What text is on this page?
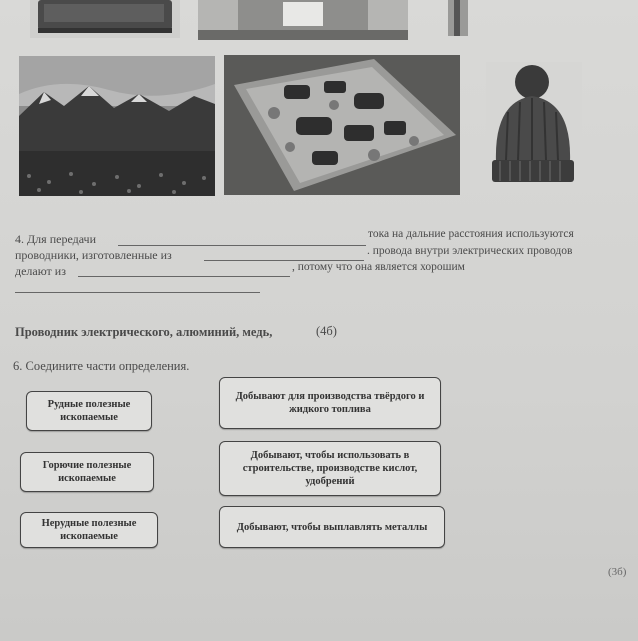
4. Для передачи	тока на дальние расстояния используются
проводники, изготовленные из	. провода внутри электрических проводов
делают из	, потому что она является хорошим
Проводник электрического, алюминий, медь,	(4б)
6. Соедините части определения.
Рудные полезные ископаемые
Горючие полезные ископаемые
Нерудные полезные ископаемые
Добывают для производства твёрдого и жидкого топлива
Добывают, чтобы использовать в строительстве, производстве кислот, удобрений
Добывают, чтобы выплавлять металлы
(3б)
